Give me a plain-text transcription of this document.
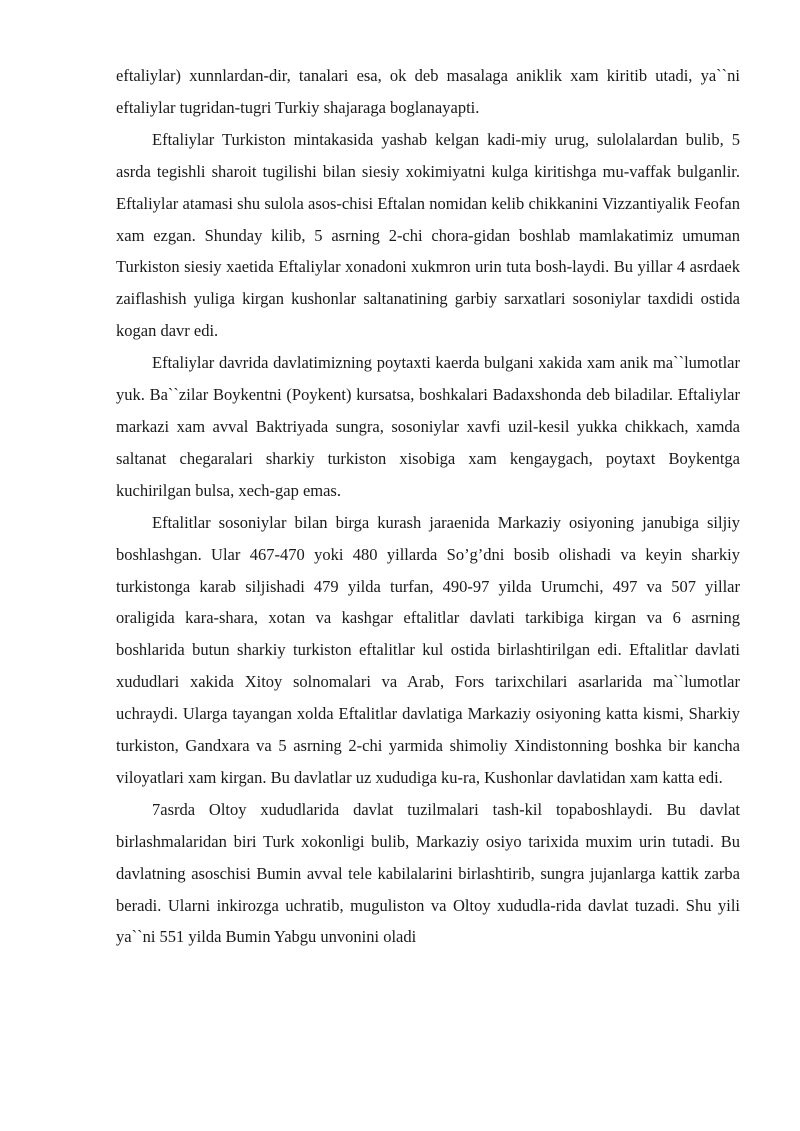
eftaliylar) xunnlardan-dir, tanalari esa, ok deb masalaga aniklik xam kiritib utadi, ya``ni eftaliylar tugridan-tugri Turkiy shajaraga boglanayapti.

Eftaliylar Turkiston mintakasida yashab kelgan kadi-miy urug, sulolalardan bulib, 5 asrda tegishli sharoit tugilishi bilan siesiy xokimiyatni kulga kiritishga mu-vaffak bulganlir. Eftaliylar atamasi shu sulola asos-chisi Eftalan nomidan kelib chikkanini Vizzantiyalik Feofan xam ezgan. Shunday kilib, 5 asrning 2-chi chora-gidan boshlab mamlakatimiz umuman Turkiston siesiy xaetida Eftaliylar xonadoni xukmron urin tuta bosh-laydi. Bu yillar 4 asrdaek zaiflashish yuliga kirgan kushonlar saltanatining garbiy sarxatlari sosoniylar taxdidi ostida kogan davr edi.

Eftaliylar davrida davlatimizning poytaxti kaerda bulgani xakida xam anik ma``lumotlar yuk. Ba``zilar Boykentni (Poykent) kursatsa, boshkalari Badaxshonda deb biladilar. Eftaliylar markazi xam avval Baktriyada sungra, sosoniylar xavfi uzil-kesil yukka chikkach, xamda saltanat chegaralari sharkiy turkiston xisobiga xam kengaygach, poytaxt Boykentga kuchirilgan bulsa, xech-gap emas.

Eftalitlar sosoniylar bilan birga kurash jaraenida Markaziy osiyoning janubiga siljiy boshlashgan. Ular 467-470 yoki 480 yillarda So’g’dni bosib olishadi va keyin sharkiy turkistonga karab siljishadi 479 yilda turfan, 490-97 yilda Urumchi, 497 va 507 yillar oraligida kara-shara, xotan va kashgar eftalitlar davlati tarkibiga kirgan va 6 asrning boshlarida butun sharkiy turkiston eftalitlar kul ostida birlashtirilgan edi. Eftalitlar davlati xududlari xakida Xitoy solnomalari va Arab, Fors tarixchilari asarlarida ma``lumotlar uchraydi. Ularga tayangan xolda Eftalitlar davlatiga Markaziy osiyoning katta kismi, Sharkiy turkiston, Gandxara va 5 asrning 2-chi yarmida shimoliy Xindistonning boshka bir kancha viloyatlari xam kirgan. Bu davlatlar uz xududiga ku-ra, Kushonlar davlatidan xam katta edi.

7asrda Oltoy xududlarida davlat tuzilmalari tash-kil topaboshlaydi. Bu davlat birlashmalaridan biri Turk xokonligi bulib, Markaziy osiyo tarixida muxim urin tutadi. Bu davlatning asoschisi Bumin avval tele kabilalarini birlashtirib, sungra jujanlarga kattik zarba beradi. Ularni inkirozga uchratib, muguliston va Oltoy xududla-rida davlat tuzadi. Shu yili ya``ni 551 yilda Bumin Yabgu unvonini oladi
